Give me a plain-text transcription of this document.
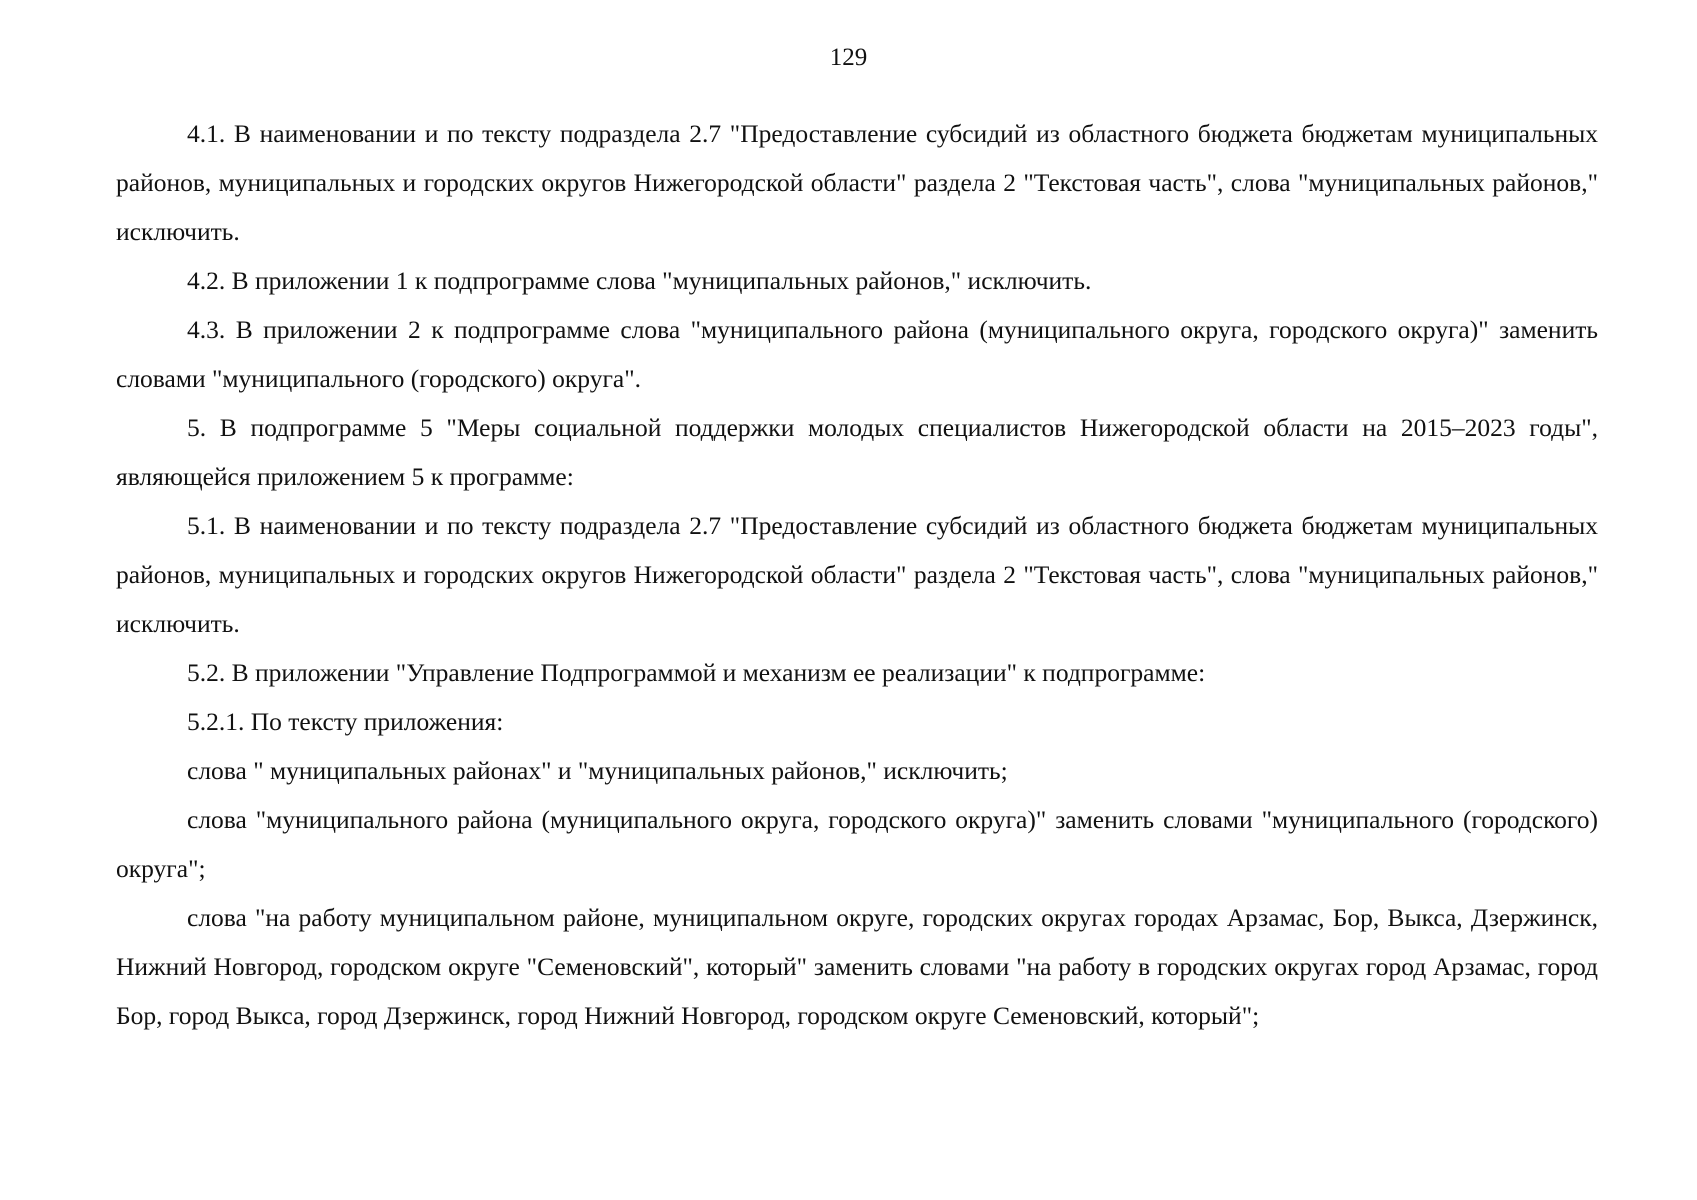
129

4.1. В наименовании и по тексту подраздела 2.7 "Предоставление субсидий из областного бюджета бюджетам муниципальных районов, муниципальных и городских округов Нижегородской области" раздела 2 "Текстовая часть", слова "муниципальных районов," исключить.

4.2. В приложении 1 к подпрограмме слова "муниципальных районов," исключить.

4.3. В приложении 2 к подпрограмме слова "муниципального района (муниципального округа, городского округа)" заменить словами "муниципального (городского) округа".

5. В подпрограмме 5 "Меры социальной поддержки молодых специалистов Нижегородской области на 2015–2023 годы", являющейся приложением 5 к программе:

5.1. В наименовании и по тексту подраздела 2.7 "Предоставление субсидий из областного бюджета бюджетам муниципальных районов, муниципальных и городских округов Нижегородской области" раздела 2 "Текстовая часть", слова "муниципальных районов," исключить.

5.2. В приложении "Управление Подпрограммой и механизм ее реализации" к подпрограмме:

5.2.1. По тексту приложения:

слова " муниципальных районах" и "муниципальных районов," исключить;

слова "муниципального района (муниципального округа, городского округа)" заменить словами "муниципального (городского) округа";

слова "на работу муниципальном районе, муниципальном округе, городских округах городах Арзамас, Бор, Выкса, Дзержинск, Нижний Новгород, городском округе "Семеновский", который" заменить словами "на работу в городских округах город Арзамас, город Бор, город Выкса, город Дзержинск, город Нижний Новгород, городском округе Семеновский, который";
